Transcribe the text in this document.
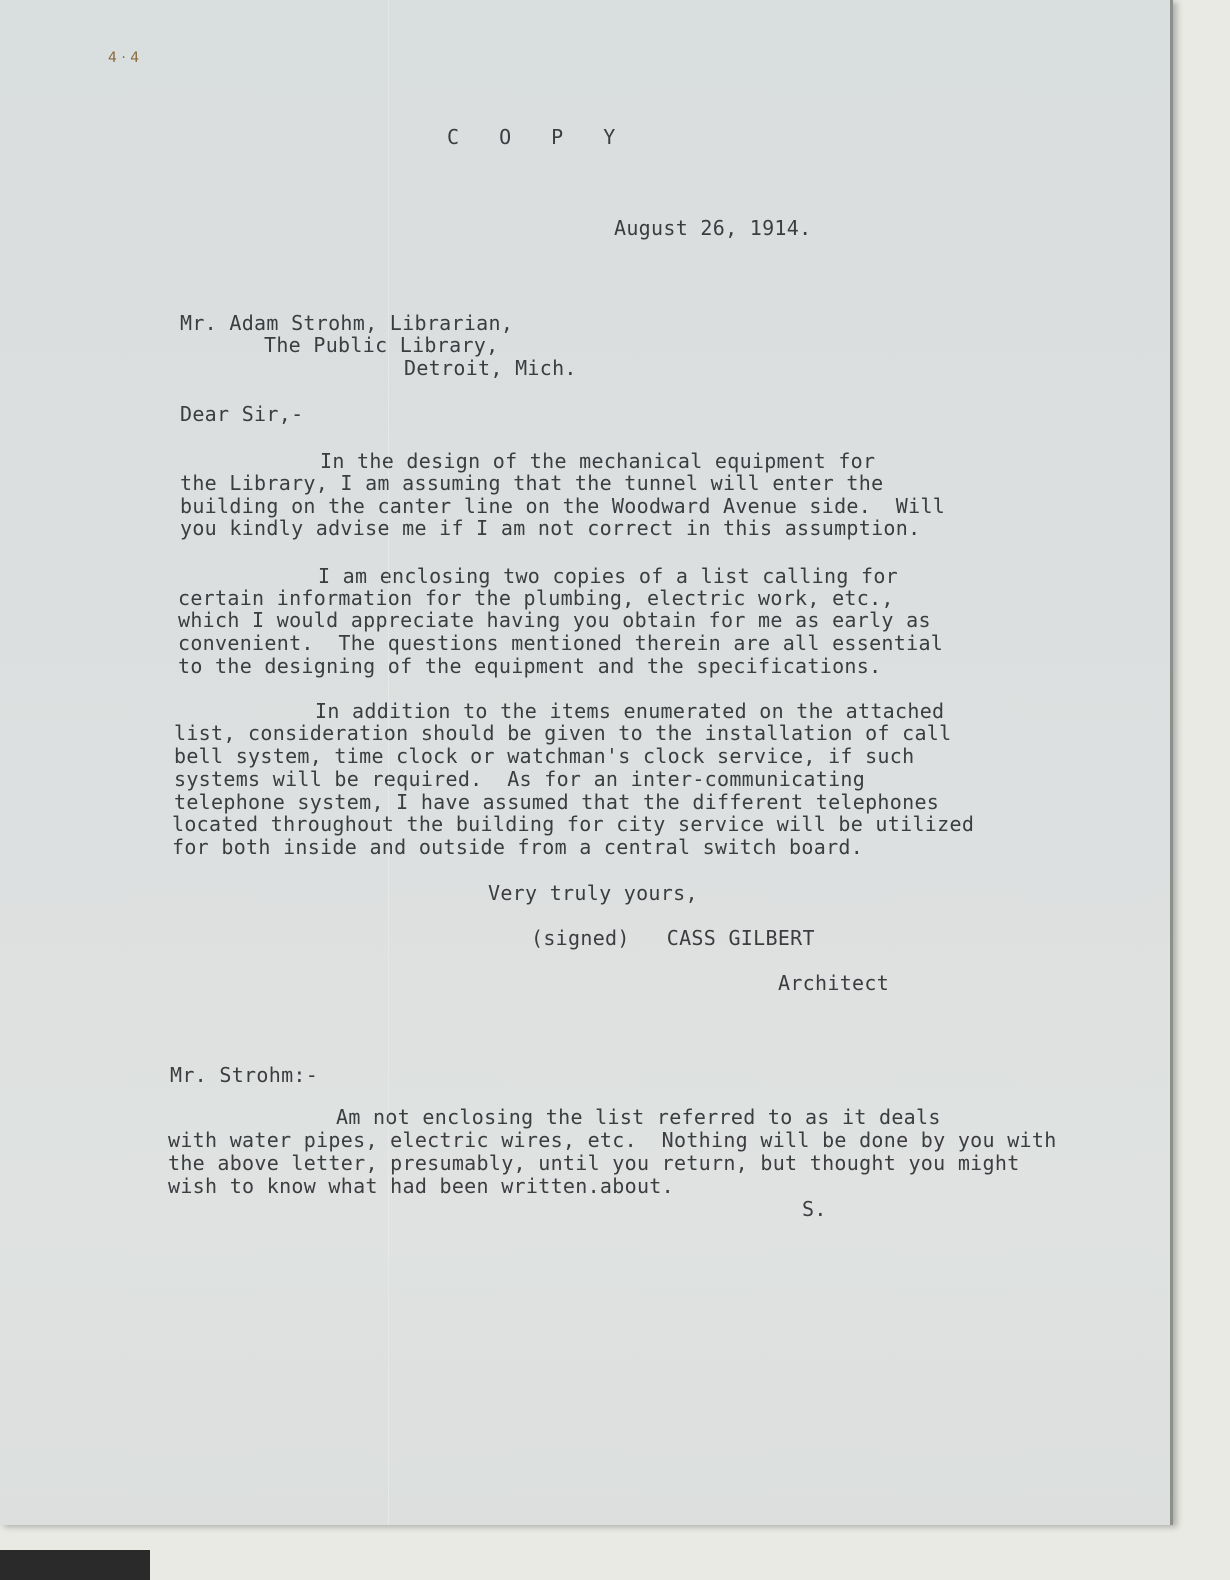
4 · 4

C O P Y

August 26, 1914.

Mr. Adam Strohm, Librarian,

The Public Library,

Detroit, Mich.

Dear Sir,-

In the design of the mechanical equipment for

the Library, I am assuming that the tunnel will enter the

building on the canter line on the Woodward Avenue side.  Will

you kindly advise me if I am not correct in this assumption.

I am enclosing two copies of a list calling for

certain information for the plumbing, electric work, etc.,

which I would appreciate having you obtain for me as early as

convenient.  The questions mentioned therein are all essential

to the designing of the equipment and the specifications.

In addition to the items enumerated on the attached

list, consideration should be given to the installation of call

bell system, time clock or watchman's clock service, if such

systems will be required.  As for an inter-communicating

telephone system, I have assumed that the different telephones

located throughout the building for city service will be utilized

for both inside and outside from a central switch board.

Very truly yours,

(signed)   CASS GILBERT

Architect

Mr. Strohm:-

Am not enclosing the list referred to as it deals

with water pipes, electric wires, etc.  Nothing will be done by you with

the above letter, presumably, until you return, but thought you might

wish to know what had been written.about.

S.
